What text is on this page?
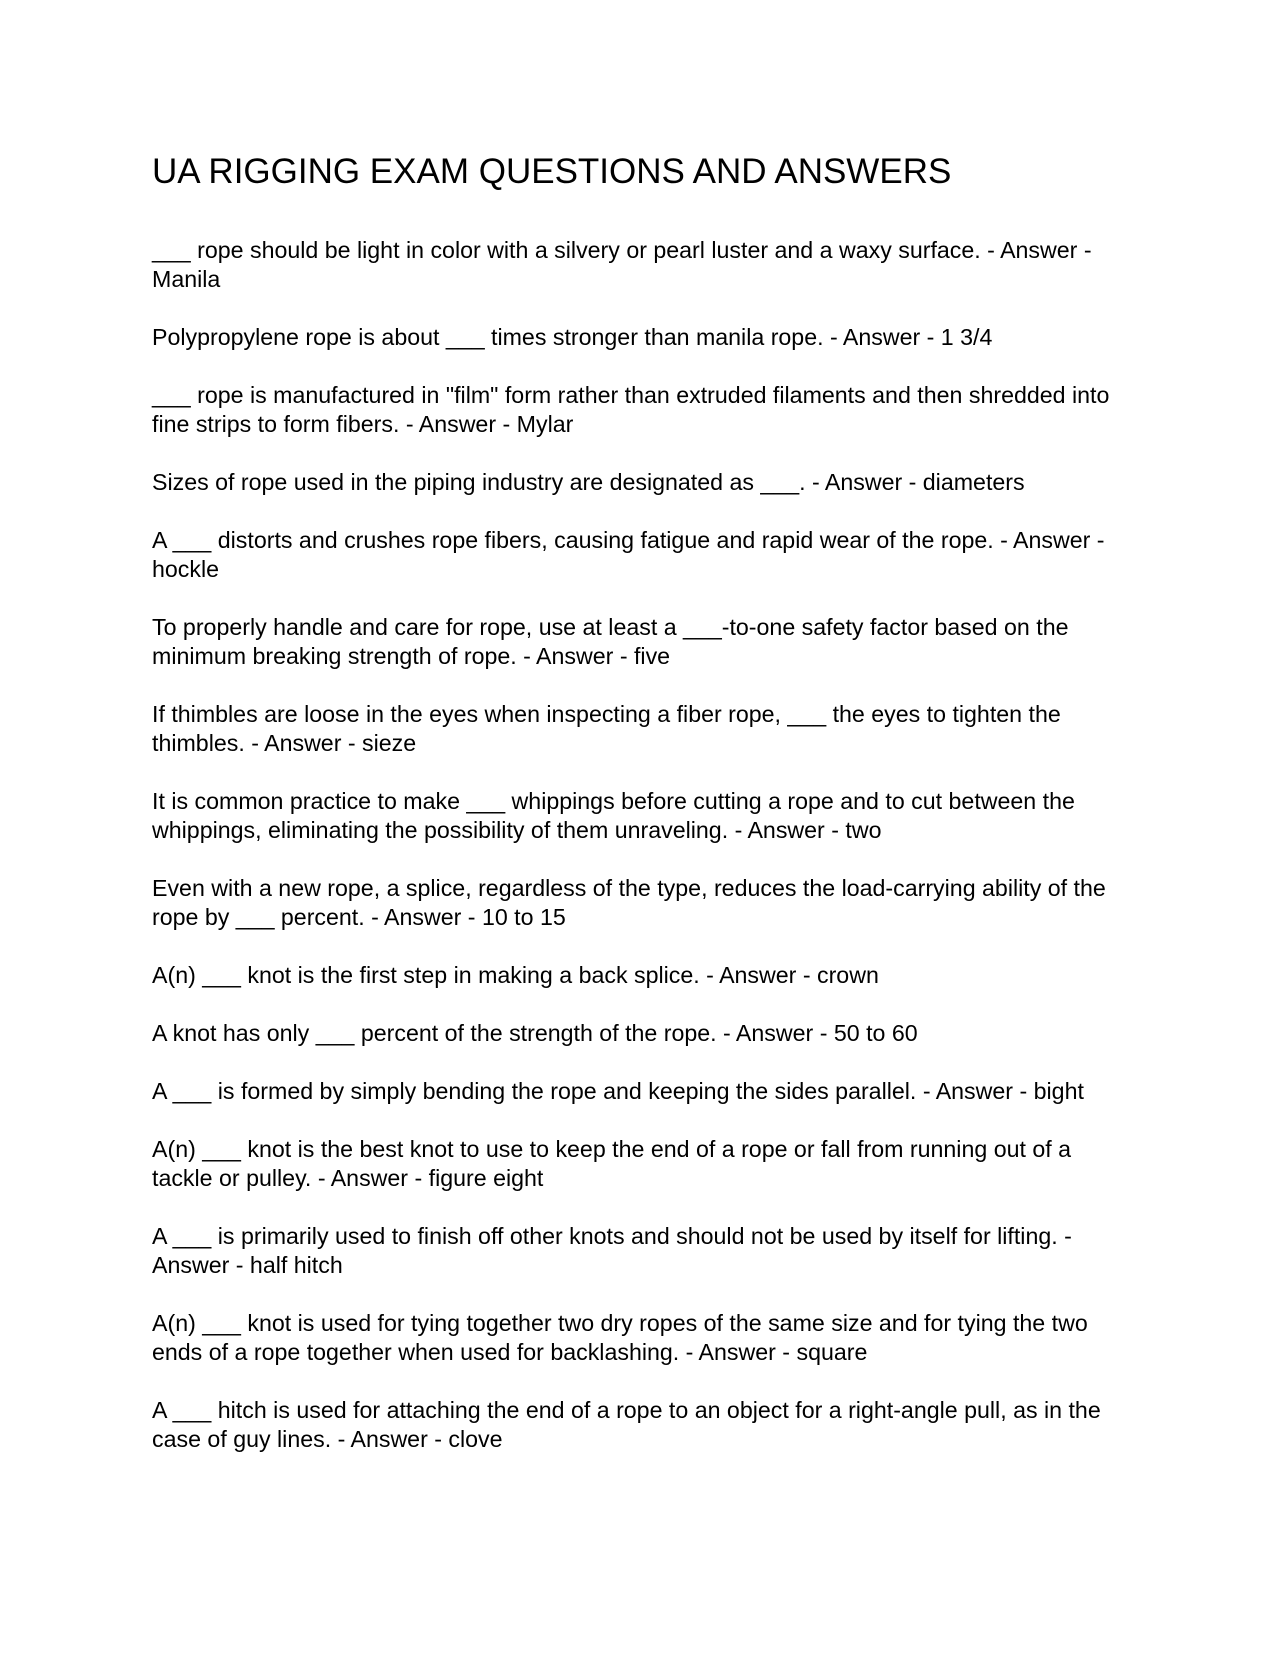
UA RIGGING EXAM QUESTIONS AND ANSWERS
___ rope should be light in color with a silvery or pearl luster and a waxy surface. - Answer - Manila
Polypropylene rope is about ___ times stronger than manila rope. - Answer - 1 3/4
___ rope is manufactured in "film" form rather than extruded filaments and then shredded into fine strips to form fibers. - Answer - Mylar
Sizes of rope used in the piping industry are designated as ___. - Answer - diameters
A ___ distorts and crushes rope fibers, causing fatigue and rapid wear of the rope. - Answer - hockle
To properly handle and care for rope, use at least a ___-to-one safety factor based on the minimum breaking strength of rope. - Answer - five
If thimbles are loose in the eyes when inspecting a fiber rope, ___ the eyes to tighten the thimbles. - Answer - sieze
It is common practice to make ___ whippings before cutting a rope and to cut between the whippings, eliminating the possibility of them unraveling. - Answer - two
Even with a new rope, a splice, regardless of the type, reduces the load-carrying ability of the rope by ___ percent. - Answer - 10 to 15
A(n) ___ knot is the first step in making a back splice. - Answer - crown
A knot has only ___ percent of the strength of the rope. - Answer - 50 to 60
A ___ is formed by simply bending the rope and keeping the sides parallel. - Answer - bight
A(n) ___ knot is the best knot to use to keep the end of a rope or fall from running out of a tackle or pulley. - Answer - figure eight
A ___ is primarily used to finish off other knots and should not be used by itself for lifting. - Answer - half hitch
A(n) ___ knot is used for tying together two dry ropes of the same size and for tying the two ends of a rope together when used for backlashing. - Answer - square
A ___ hitch is used for attaching the end of a rope to an object for a right-angle pull, as in the case of guy lines. - Answer - clove
